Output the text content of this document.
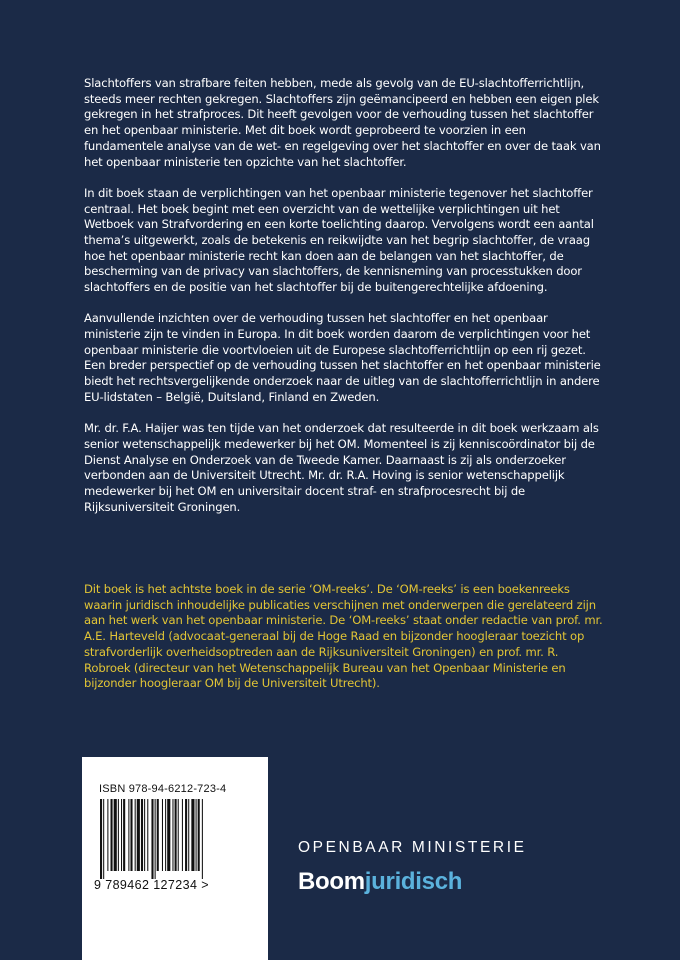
Slachtoffers van strafbare feiten hebben, mede als gevolg van de EU-slachtofferrichtlijn, steeds meer rechten gekregen. Slachtoffers zijn geëmancipeerd en hebben een eigen plek gekregen in het strafproces. Dit heeft gevolgen voor de verhouding tussen het slachtoffer en het openbaar ministerie. Met dit boek wordt geprobeerd te voorzien in een fundamentele analyse van de wet- en regelgeving over het slachtoffer en over de taak van het openbaar ministerie ten opzichte van het slachtoffer.

In dit boek staan de verplichtingen van het openbaar ministerie tegenover het slachtoffer centraal. Het boek begint met een overzicht van de wettelijke verplichtingen uit het Wetboek van Strafvordering en een korte toelichting daarop. Vervolgens wordt een aantal thema’s uitgewerkt, zoals de betekenis en reikwijdte van het begrip slachtoffer, de vraag hoe het openbaar ministerie recht kan doen aan de belangen van het slachtoffer, de bescherming van de privacy van slachtoffers, de kennisneming van processtukken door slachtoffers en de positie van het slachtoffer bij de buitengerechtelijke afdoening.

Aanvullende inzichten over de verhouding tussen het slachtoffer en het openbaar ministerie zijn te vinden in Europa. In dit boek worden daarom de verplichtingen voor het openbaar ministerie die voortvloeien uit de Europese slachtofferrichtlijn op een rij gezet. Een breder perspectief op de verhouding tussen het slachtoffer en het openbaar ministerie biedt het rechtsvergelijkende onderzoek naar de uitleg van de slachtofferrichtlijn in andere EU-lidstaten – België, Duitsland, Finland en Zweden.

Mr. dr. F.A. Haijer was ten tijde van het onderzoek dat resulteerde in dit boek werkzaam als senior wetenschappelijk medewerker bij het OM. Momenteel is zij kenniscoördinator bij de Dienst Analyse en Onderzoek van de Tweede Kamer. Daarnaast is zij als onderzoeker verbonden aan de Universiteit Utrecht. Mr. dr. R.A. Hoving is senior wetenschappelijk medewerker bij het OM en universitair docent straf- en strafprocesrecht bij de Rijksuniversiteit Groningen.

Dit boek is het achtste boek in de serie ‘OM-reeks’. De ‘OM-reeks’ is een boekenreeks waarin juridisch inhoudelijke publicaties verschijnen met onderwerpen die gerelateerd zijn aan het werk van het openbaar ministerie. De ‘OM-reeks’ staat onder redactie van prof. mr. A.E. Harteveld (advocaat-generaal bij de Hoge Raad en bijzonder hoogleraar toezicht op strafvorderlijk overheidsoptreden aan de Rijksuniversiteit Groningen) en prof. mr. R. Robroek (directeur van het Wetenschappelijk Bureau van het Openbaar Ministerie en bijzonder hoogleraar OM bij de Universiteit Utrecht).

ISBN 978-94-6212-723-4
9 789462 127234 >
OPENBAAR MINISTERIE
Boomjuridisch
